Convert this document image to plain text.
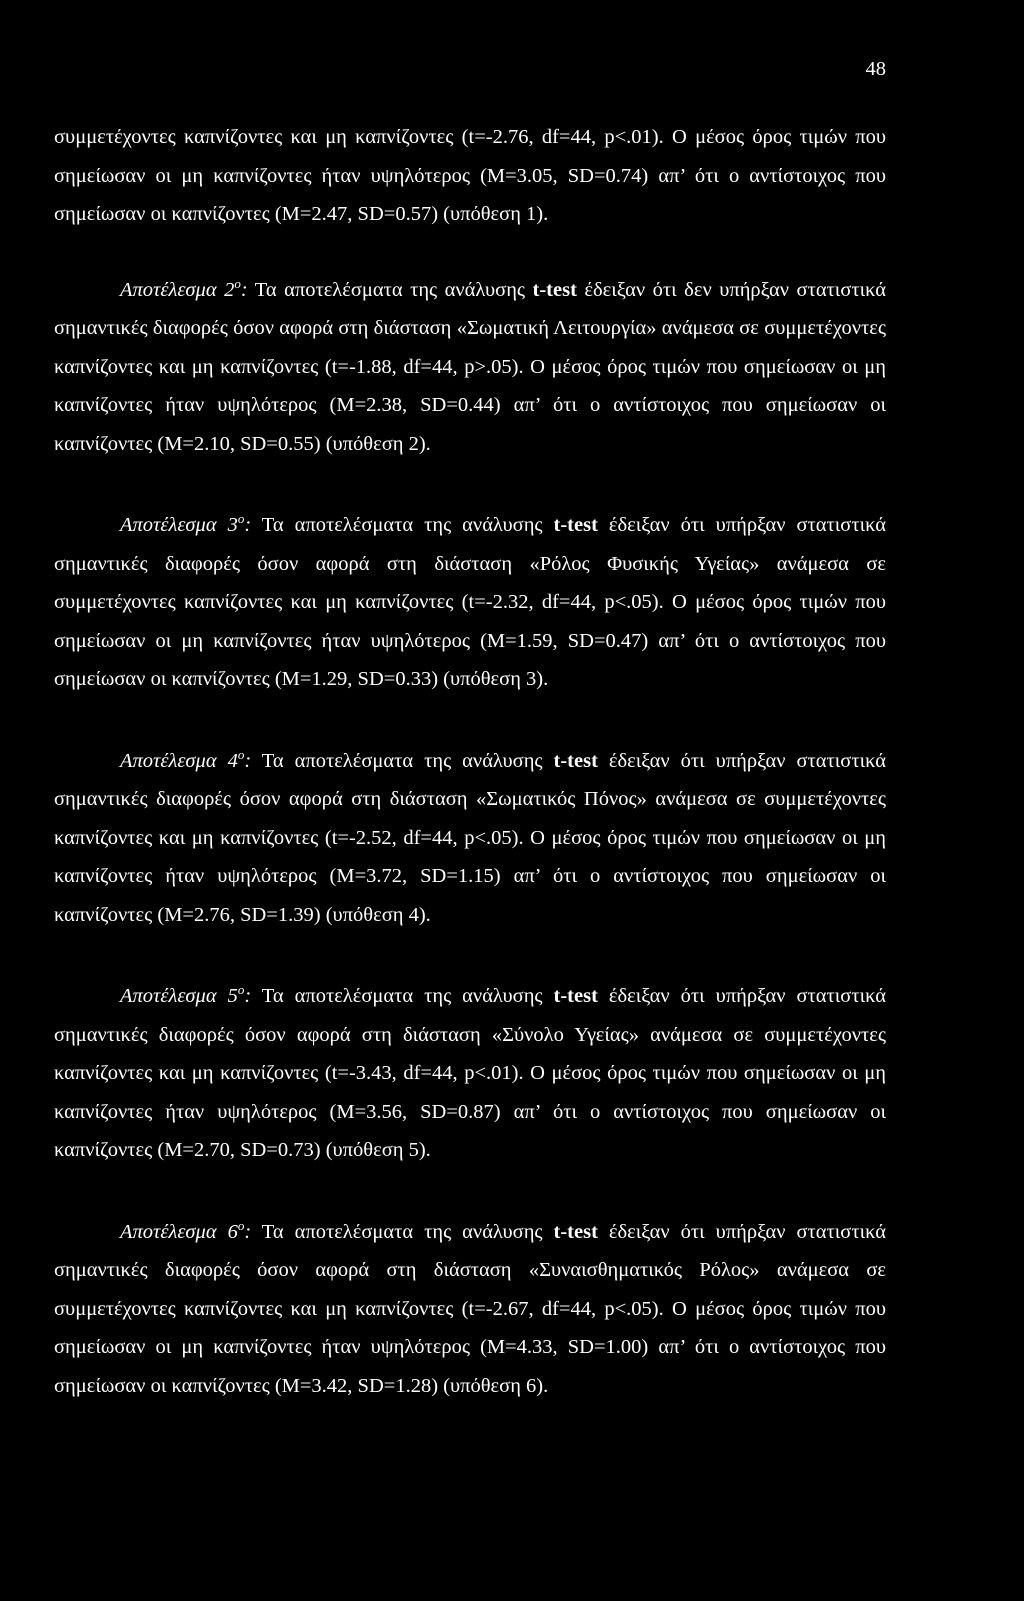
48

συμμετέχοντες καπνίζοντες και μη καπνίζοντες (t=-2.76, df=44, p<.01). Ο μέσος όρος τιμών που σημείωσαν οι μη καπνίζοντες ήταν υψηλότερος (M=3.05, SD=0.74) απ’ ότι ο αντίστοιχος που σημείωσαν οι καπνίζοντες (M=2.47, SD=0.57) (υπόθεση 1).

Αποτέλεσμα $2^o$: Τα αποτελέσματα της ανάλυσης t-test έδειξαν ότι δεν υπήρξαν στατιστικά σημαντικές διαφορές όσον αφορά στη διάσταση «Σωματική Λειτουργία» ανάμεσα σε συμμετέχοντες καπνίζοντες και μη καπνίζοντες (t=-1.88, df=44, p>.05). Ο μέσος όρος τιμών που σημείωσαν οι μη καπνίζοντες ήταν υψηλότερος (M=2.38, SD=0.44) απ’ ότι ο αντίστοιχος που σημείωσαν οι καπνίζοντες (M=2.10, SD=0.55) (υπόθεση 2).

Αποτέλεσμα $3^o$: Τα αποτελέσματα της ανάλυσης t-test έδειξαν ότι υπήρξαν στατιστικά σημαντικές διαφορές όσον αφορά στη διάσταση «Ρόλος Φυσικής Υγείας» ανάμεσα σε συμμετέχοντες καπνίζοντες και μη καπνίζοντες (t=-2.32, df=44, p<.05). Ο μέσος όρος τιμών που σημείωσαν οι μη καπνίζοντες ήταν υψηλότερος (M=1.59, SD=0.47) απ’ ότι ο αντίστοιχος που σημείωσαν οι καπνίζοντες (M=1.29, SD=0.33) (υπόθεση 3).

Αποτέλεσμα $4^o$: Τα αποτελέσματα της ανάλυσης t-test έδειξαν ότι υπήρξαν στατιστικά σημαντικές διαφορές όσον αφορά στη διάσταση «Σωματικός Πόνος» ανάμεσα σε συμμετέχοντες καπνίζοντες και μη καπνίζοντες (t=-2.52, df=44, p<.05). Ο μέσος όρος τιμών που σημείωσαν οι μη καπνίζοντες ήταν υψηλότερος (M=3.72, SD=1.15) απ’ ότι ο αντίστοιχος που σημείωσαν οι καπνίζοντες (M=2.76, SD=1.39) (υπόθεση 4).

Αποτέλεσμα $5^o$: Τα αποτελέσματα της ανάλυσης t-test έδειξαν ότι υπήρξαν στατιστικά σημαντικές διαφορές όσον αφορά στη διάσταση «Σύνολο Υγείας» ανάμεσα σε συμμετέχοντες καπνίζοντες και μη καπνίζοντες (t=-3.43, df=44, p<.01). Ο μέσος όρος τιμών που σημείωσαν οι μη καπνίζοντες ήταν υψηλότερος (M=3.56, SD=0.87) απ’ ότι ο αντίστοιχος που σημείωσαν οι καπνίζοντες (M=2.70, SD=0.73) (υπόθεση 5).

Αποτέλεσμα $6^o$: Τα αποτελέσματα της ανάλυσης t-test έδειξαν ότι υπήρξαν στατιστικά σημαντικές διαφορές όσον αφορά στη διάσταση «Συναισθηματικός Ρόλος» ανάμεσα σε συμμετέχοντες καπνίζοντες και μη καπνίζοντες (t=-2.67, df=44, p<.05). Ο μέσος όρος τιμών που σημείωσαν οι μη καπνίζοντες ήταν υψηλότερος (M=4.33, SD=1.00) απ’ ότι ο αντίστοιχος που σημείωσαν οι καπνίζοντες (M=3.42, SD=1.28) (υπόθεση 6).
